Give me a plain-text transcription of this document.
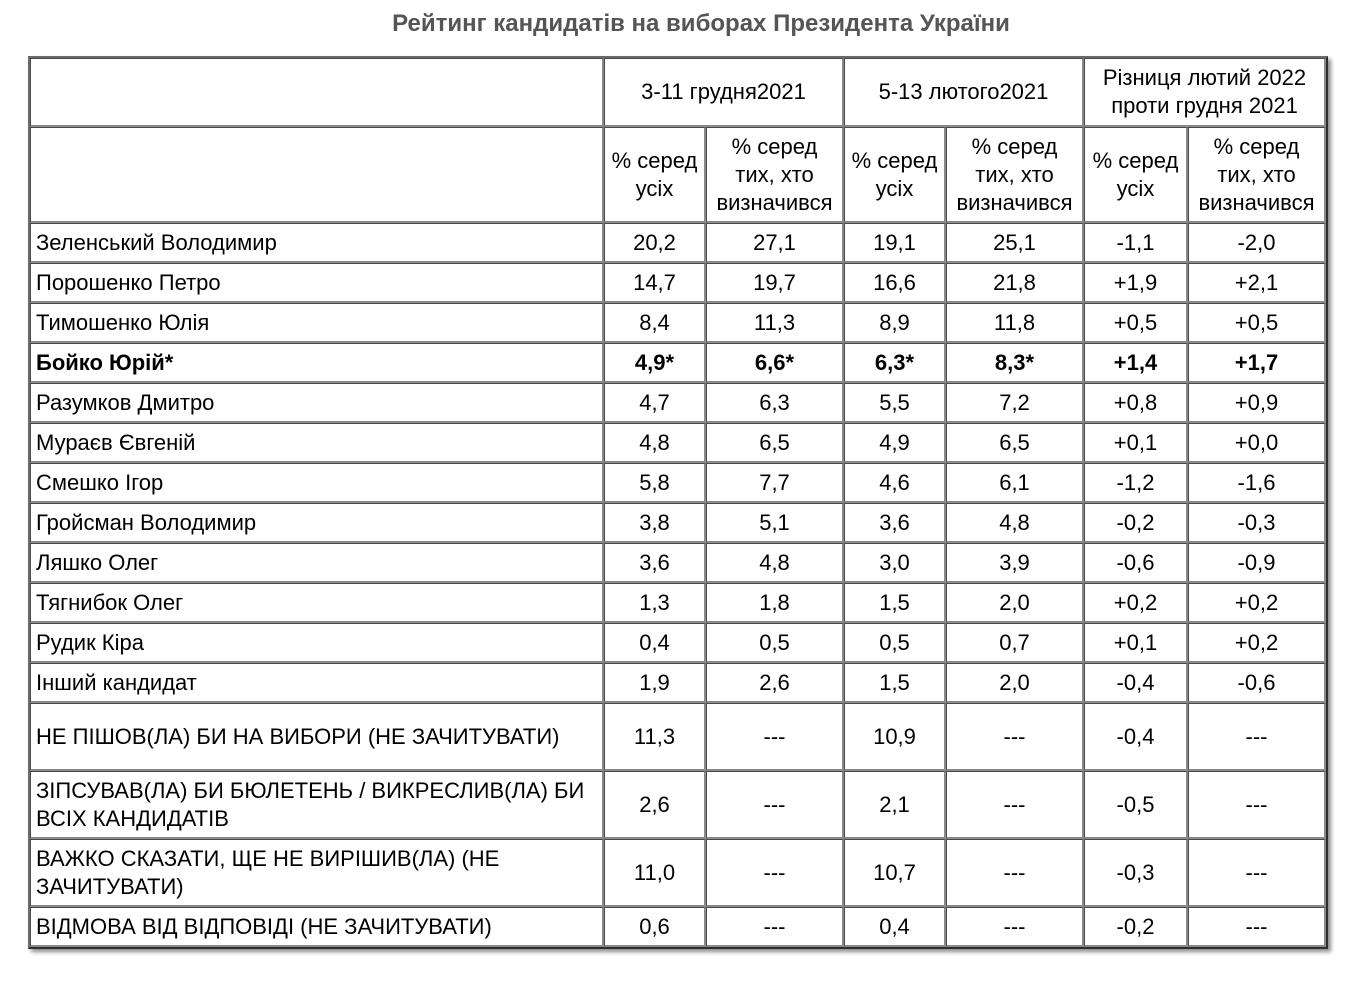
Рейтинг кандидатів на виборах Президента України
	3-11 грудня2021		5-13 лютого2021		Різниця лютий 2022 проти грудня 2021	
	% серед усіх	% серед тих, хто визначився	% серед усіх	% серед тих, хто визначився	% серед усіх	% серед тих, хто визначився
Зеленський Володимир	20,2	27,1	19,1	25,1	-1,1	-2,0
Порошенко Петро	14,7	19,7	16,6	21,8	+1,9	+2,1
Тимошенко Юлія	8,4	11,3	8,9	11,8	+0,5	+0,5
Бойко Юрій*	4,9*	6,6*	6,3*	8,3*	+1,4	+1,7
Разумков Дмитро	4,7	6,3	5,5	7,2	+0,8	+0,9
Мураєв Євгеній	4,8	6,5	4,9	6,5	+0,1	+0,0
Смешко Ігор	5,8	7,7	4,6	6,1	-1,2	-1,6
Гройсман Володимир	3,8	5,1	3,6	4,8	-0,2	-0,3
Ляшко Олег	3,6	4,8	3,0	3,9	-0,6	-0,9
Тягнибок Олег	1,3	1,8	1,5	2,0	+0,2	+0,2
Рудик Кіра	0,4	0,5	0,5	0,7	+0,1	+0,2
Інший кандидат	1,9	2,6	1,5	2,0	-0,4	-0,6
НЕ ПІШОВ(ЛА) БИ НА ВИБОРИ (НЕ ЗАЧИТУВАТИ)	11,3	---	10,9	---	-0,4	---
ЗІПСУВАВ(ЛА) БИ БЮЛЕТЕНЬ / ВИКРЕСЛИВ(ЛА) БИ ВСІХ КАНДИДАТІВ	2,6	---	2,1	---	-0,5	---
ВАЖКО СКАЗАТИ, ЩЕ НЕ ВИРІШИВ(ЛА) (НЕ ЗАЧИТУВАТИ)	11,0	---	10,7	---	-0,3	---
ВІДМОВА ВІД ВІДПОВІДІ (НЕ ЗАЧИТУВАТИ)	0,6	---	0,4	---	-0,2	---
